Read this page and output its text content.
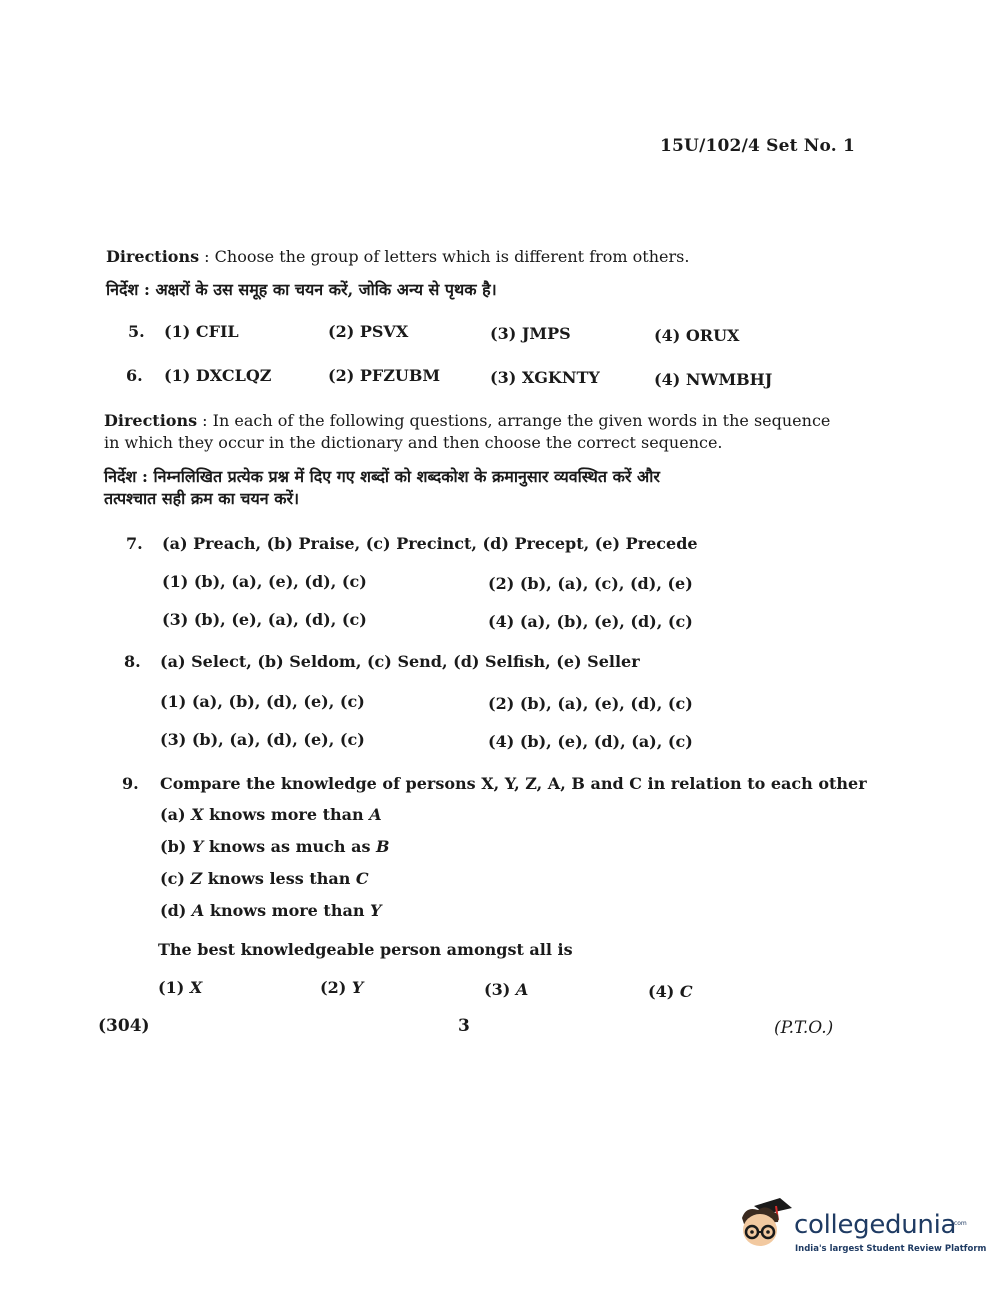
15U/102/4 Set No. 1
Directions : Choose the group of letters which is different from others.
निर्देश : अक्षरों के उस समूह का चयन करें, जोकि अन्य से पृथक है।
5. (1) CFIL	(2) PSVX	(3) JMPS	(4) ORUX
6. (1) DXCLQZ	(2) PFZUBM	(3) XGKNTY	(4) NWMBHJ
Directions : In each of the following questions, arrange the given words in the sequence
in which they occur in the dictionary and then choose the correct sequence.
निर्देश : निम्नलिखित प्रत्येक प्रश्न में दिए गए शब्दों को शब्दकोश के क्रमानुसार व्यवस्थित करें और
तत्पश्चात सही क्रम का चयन करें।
7. (a) Preach, (b) Praise, (c) Precinct, (d) Precept, (e) Precede
(1) (b), (a), (e), (d), (c)	(2) (b), (a), (c), (d), (e)
(3) (b), (e), (a), (d), (c)	(4) (a), (b), (e), (d), (c)
8. (a) Select, (b) Seldom, (c) Send, (d) Selfish, (e) Seller
(1) (a), (b), (d), (e), (c)	(2) (b), (a), (e), (d), (c)
(3) (b), (a), (d), (e), (c)	(4) (b), (e), (d), (a), (c)
9. Compare the knowledge of persons X, Y, Z, A, B and C in relation to each other
(a) X knows more than A
(b) Y knows as much as B
(c) Z knows less than C
(d) A knows more than Y
The best knowledgeable person amongst all is
(1) X	(2) Y	(3) A	(4) C
(304)	3	(P.T.O.)
collegedunia
.com
India's largest Student Review Platform
